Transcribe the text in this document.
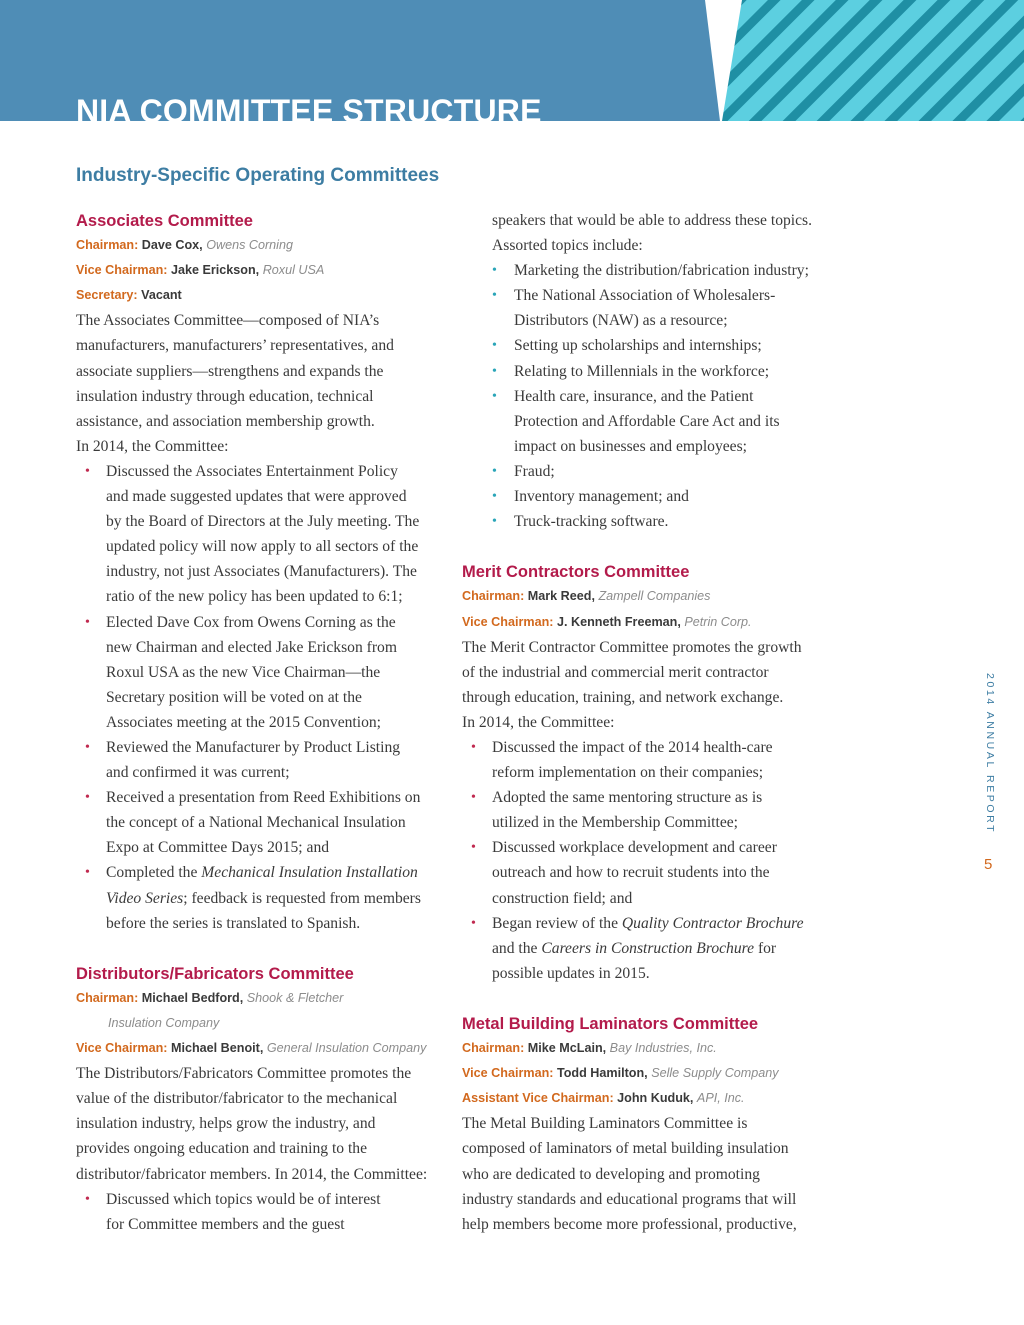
NIA COMMITTEE STRUCTURE
Industry-Specific Operating Committees
Associates Committee
Chairman: Dave Cox, Owens Corning
Vice Chairman: Jake Erickson, Roxul USA
Secretary: Vacant
The Associates Committee—composed of NIA’s
manufacturers, manufacturers’ representatives, and
associate suppliers—strengthens and expands the
insulation industry through education, technical
assistance, and association membership growth.
In 2014, the Committee:
• Discussed the Associates Entertainment Policy
and made suggested updates that were approved
by the Board of Directors at the July meeting. The
updated policy will now apply to all sectors of the
industry, not just Associates (Manufacturers). The
ratio of the new policy has been updated to 6:1;
• Elected Dave Cox from Owens Corning as the
new Chairman and elected Jake Erickson from
Roxul USA as the new Vice Chairman—the
Secretary position will be voted on at the
Associates meeting at the 2015 Convention;
• Reviewed the Manufacturer by Product Listing
and confirmed it was current;
• Received a presentation from Reed Exhibitions on
the concept of a National Mechanical Insulation
Expo at Committee Days 2015; and
• Completed the Mechanical Insulation Installation
Video Series; feedback is requested from members
before the series is translated to Spanish.
Distributors/Fabricators Committee
Chairman: Michael Bedford, Shook & Fletcher
Insulation Company
Vice Chairman: Michael Benoit, General Insulation Company
The Distributors/Fabricators Committee promotes the
value of the distributor/fabricator to the mechanical
insulation industry, helps grow the industry, and
provides ongoing education and training to the
distributor/fabricator members. In 2014, the Committee:
• Discussed which topics would be of interest
for Committee members and the guest
speakers that would be able to address these topics.
Assorted topics include:
• Marketing the distribution/fabrication industry;
• The National Association of Wholesalers-
Distributors (NAW) as a resource;
• Setting up scholarships and internships;
• Relating to Millennials in the workforce;
• Health care, insurance, and the Patient
Protection and Affordable Care Act and its
impact on businesses and employees;
• Fraud;
• Inventory management; and
• Truck-tracking software.
Merit Contractors Committee
Chairman: Mark Reed, Zampell Companies
Vice Chairman: J. Kenneth Freeman, Petrin Corp.
The Merit Contractor Committee promotes the growth
of the industrial and commercial merit contractor
through education, training, and network exchange.
In 2014, the Committee:
• Discussed the impact of the 2014 health-care
reform implementation on their companies;
• Adopted the same mentoring structure as is
utilized in the Membership Committee;
• Discussed workplace development and career
outreach and how to recruit students into the
construction field; and
• Began review of the Quality Contractor Brochure
and the Careers in Construction Brochure for
possible updates in 2015.
Metal Building Laminators Committee
Chairman: Mike McLain, Bay Industries, Inc.
Vice Chairman: Todd Hamilton, Selle Supply Company
Assistant Vice Chairman: John Kuduk, API, Inc.
The Metal Building Laminators Committee is
composed of laminators of metal building insulation
who are dedicated to developing and promoting
industry standards and educational programs that will
help members become more professional, productive,
2014 ANNUAL REPORT
5
